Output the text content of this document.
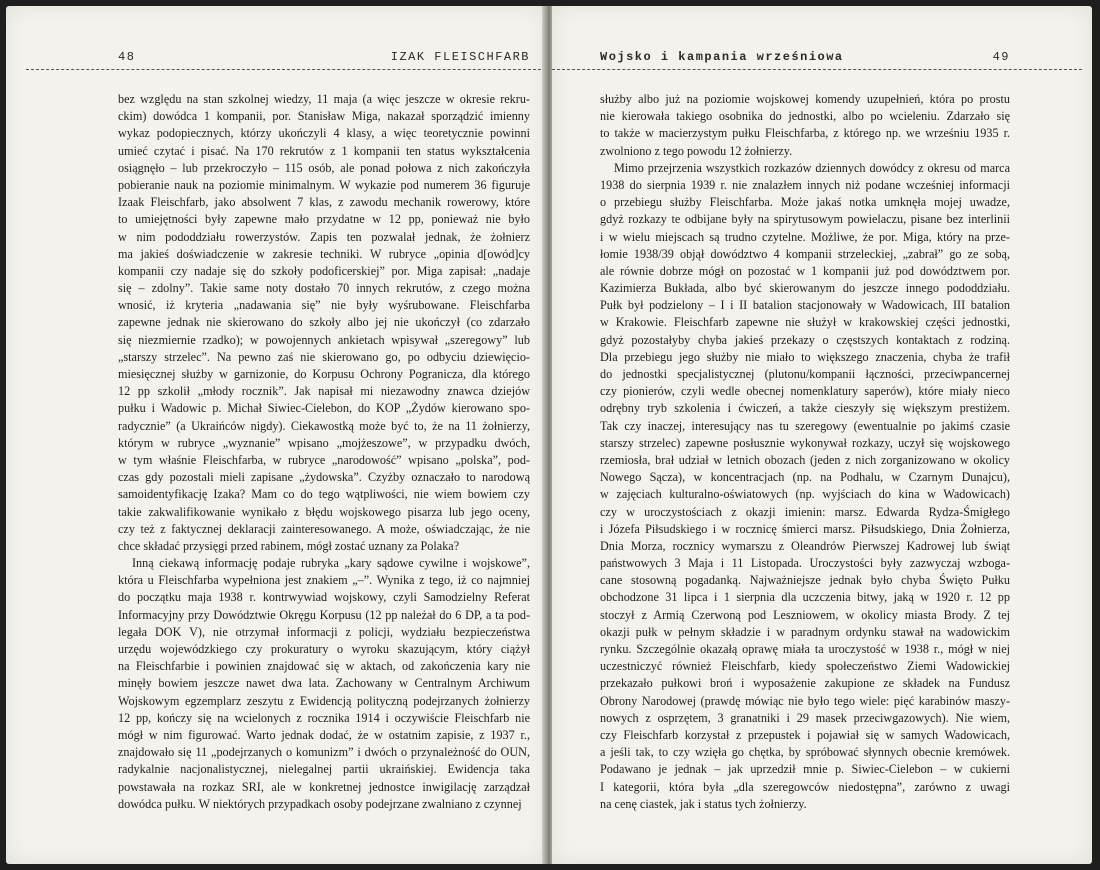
48	IZAK FLEISCHFARB
bez względu na stan szkolnej wiedzy, 11 maja (a więc jeszcze w okresie rekru-
ckim) dowódca 1 kompanii, por. Stanisław Miga, nakazał sporządzić imienny
wykaz podopiecznych, którzy ukończyli 4 klasy, a więc teoretycznie powinni
umieć czytać i pisać. Na 170 rekrutów z 1 kompanii ten status wykształcenia
osiągnęło – lub przekroczyło – 115 osób, ale ponad połowa z nich zakończyła
pobieranie nauk na poziomie minimalnym. W wykazie pod numerem 36 figuruje
Izaak Fleischfarb, jako absolwent 7 klas, z zawodu mechanik rowerowy, które
to umiejętności były zapewne mało przydatne w 12 pp, ponieważ nie było
w nim pododdziału rowerzystów. Zapis ten pozwalał jednak, że żołnierz
ma jakieś doświadczenie w zakresie techniki. W rubryce „opinia d[owód]cy
kompanii czy nadaje się do szkoły podoficerskiej” por. Miga zapisał: „nadaje
się – zdolny”. Takie same noty dostało 70 innych rekrutów, z czego można
wnosić, iż kryteria „nadawania się” nie były wyśrubowane. Fleischfarba
zapewne jednak nie skierowano do szkoły albo jej nie ukończył (co zdarzało
się niezmiernie rzadko); w powojennych ankietach wpisywał „szeregowy” lub
„starszy strzelec”. Na pewno zaś nie skierowano go, po odbyciu dziewięcio-
miesięcznej służby w garnizonie, do Korpusu Ochrony Pogranicza, dla którego
12 pp szkolił „młody rocznik”. Jak napisał mi niezawodny znawca dziejów
pułku i Wadowic p. Michał Siwiec-Cielebon, do KOP „Żydów kierowano spo-
radycznie” (a Ukraińców nigdy). Ciekawostką może być to, że na 11 żołnierzy,
którym w rubryce „wyznanie” wpisano „mojżeszowe”, w przypadku dwóch,
w tym właśnie Fleischfarba, w rubryce „narodowość” wpisano „polska”, pod-
czas gdy pozostali mieli zapisane „żydowska”. Czyżby oznaczało to narodową
samoidentyfikację Izaka? Mam co do tego wątpliwości, nie wiem bowiem czy
takie zakwalifikowanie wynikało z błędu wojskowego pisarza lub jego oceny,
czy też z faktycznej deklaracji zainteresowanego. A może, oświadczając, że nie
chce składać przysięgi przed rabinem, mógł zostać uznany za Polaka?
Inną ciekawą informację podaje rubryka „kary sądowe cywilne i wojskowe”,
która u Fleischfarba wypełniona jest znakiem „–”. Wynika z tego, iż co najmniej
do początku maja 1938 r. kontrwywiad wojskowy, czyli Samodzielny Referat
Informacyjny przy Dowództwie Okręgu Korpusu (12 pp należał do 6 DP, a ta pod-
legała DOK V), nie otrzymał informacji z policji, wydziału bezpieczeństwa
urzędu wojewódzkiego czy prokuratury o wyroku skazującym, który ciążył
na Fleischfarbie i powinien znajdować się w aktach, od zakończenia kary nie
minęły bowiem jeszcze nawet dwa lata. Zachowany w Centralnym Archiwum
Wojskowym egzemplarz zeszytu z Ewidencją polityczną podejrzanych żołnierzy
12 pp, kończy się na wcielonych z rocznika 1914 i oczywiście Fleischfarb nie
mógł w nim figurować. Warto jednak dodać, że w ostatnim zapisie, z 1937 r.,
znajdowało się 11 „podejrzanych o komunizm” i dwóch o przynależność do OUN,
radykalnie nacjonalistycznej, nielegalnej partii ukraińskiej. Ewidencja taka
powstawała na rozkaz SRI, ale w konkretnej jednostce inwigilację zarządzał
dowódca pułku. W niektórych przypadkach osoby podejrzane zwalniano z czynnej
Wojsko i kampania wrześniowa	49
służby albo już na poziomie wojskowej komendy uzupełnień, która po prostu
nie kierowała takiego osobnika do jednostki, albo po wcieleniu. Zdarzało się
to także w macierzystym pułku Fleischfarba, z którego np. we wrześniu 1935 r.
zwolniono z tego powodu 12 żołnierzy.
Mimo przejrzenia wszystkich rozkazów dziennych dowódcy z okresu od marca
1938 do sierpnia 1939 r. nie znalazłem innych niż podane wcześniej informacji
o przebiegu służby Fleischfarba. Może jakaś notka umknęła mojej uwadze,
gdyż rozkazy te odbijane były na spirytusowym powielaczu, pisane bez interlinii
i w wielu miejscach są trudno czytelne. Możliwe, że por. Miga, który na prze-
łomie 1938/39 objął dowództwo 4 kompanii strzeleckiej, „zabrał” go ze sobą,
ale równie dobrze mógł on pozostać w 1 kompanii już pod dowództwem por.
Kazimierza Bukłada, albo być skierowanym do jeszcze innego pododdziału.
Pułk był podzielony – I i II batalion stacjonowały w Wadowicach, III batalion
w Krakowie. Fleischfarb zapewne nie służył w krakowskiej części jednostki,
gdyż pozostałyby chyba jakieś przekazy o częstszych kontaktach z rodziną.
Dla przebiegu jego służby nie miało to większego znaczenia, chyba że trafił
do jednostki specjalistycznej (plutonu/kompanii łączności, przeciwpancernej
czy pionierów, czyli wedle obecnej nomenklatury saperów), które miały nieco
odrębny tryb szkolenia i ćwiczeń, a także cieszyły się większym prestiżem.
Tak czy inaczej, interesujący nas tu szeregowy (ewentualnie po jakimś czasie
starszy strzelec) zapewne posłusznie wykonywał rozkazy, uczył się wojskowego
rzemiosła, brał udział w letnich obozach (jeden z nich zorganizowano w okolicy
Nowego Sącza), w koncentracjach (np. na Podhalu, w Czarnym Dunajcu),
w zajęciach kulturalno-oświatowych (np. wyjściach do kina w Wadowicach)
czy w uroczystościach z okazji imienin: marsz. Edwarda Rydza-Śmigłego
i Józefa Piłsudskiego i w rocznicę śmierci marsz. Piłsudskiego, Dnia Żołnierza,
Dnia Morza, rocznicy wymarszu z Oleandrów Pierwszej Kadrowej lub świąt
państwowych 3 Maja i 11 Listopada. Uroczystości były zazwyczaj wzboga-
cane stosowną pogadanką. Najważniejsze jednak było chyba Święto Pułku
obchodzone 31 lipca i 1 sierpnia dla uczczenia bitwy, jaką w 1920 r. 12 pp
stoczył z Armią Czerwoną pod Leszniowem, w okolicy miasta Brody. Z tej
okazji pułk w pełnym składzie i w paradnym ordynku stawał na wadowickim
rynku. Szczególnie okazałą oprawę miała ta uroczystość w 1938 r., mógł w niej
uczestniczyć również Fleischfarb, kiedy społeczeństwo Ziemi Wadowickiej
przekazało pułkowi broń i wyposażenie zakupione ze składek na Fundusz
Obrony Narodowej (prawdę mówiąc nie było tego wiele: pięć karabinów maszy-
nowych z osprzętem, 3 granatniki i 29 masek przeciwgazowych). Nie wiem,
czy Fleischfarb korzystał z przepustek i pojawiał się w samych Wadowicach,
a jeśli tak, to czy wzięła go chętka, by spróbować słynnych obecnie kremówek.
Podawano je jednak – jak uprzedził mnie p. Siwiec-Cielebon – w cukierni
I kategorii, która była „dla szeregowców niedostępna”, zarówno z uwagi
na cenę ciastek, jak i status tych żołnierzy.
